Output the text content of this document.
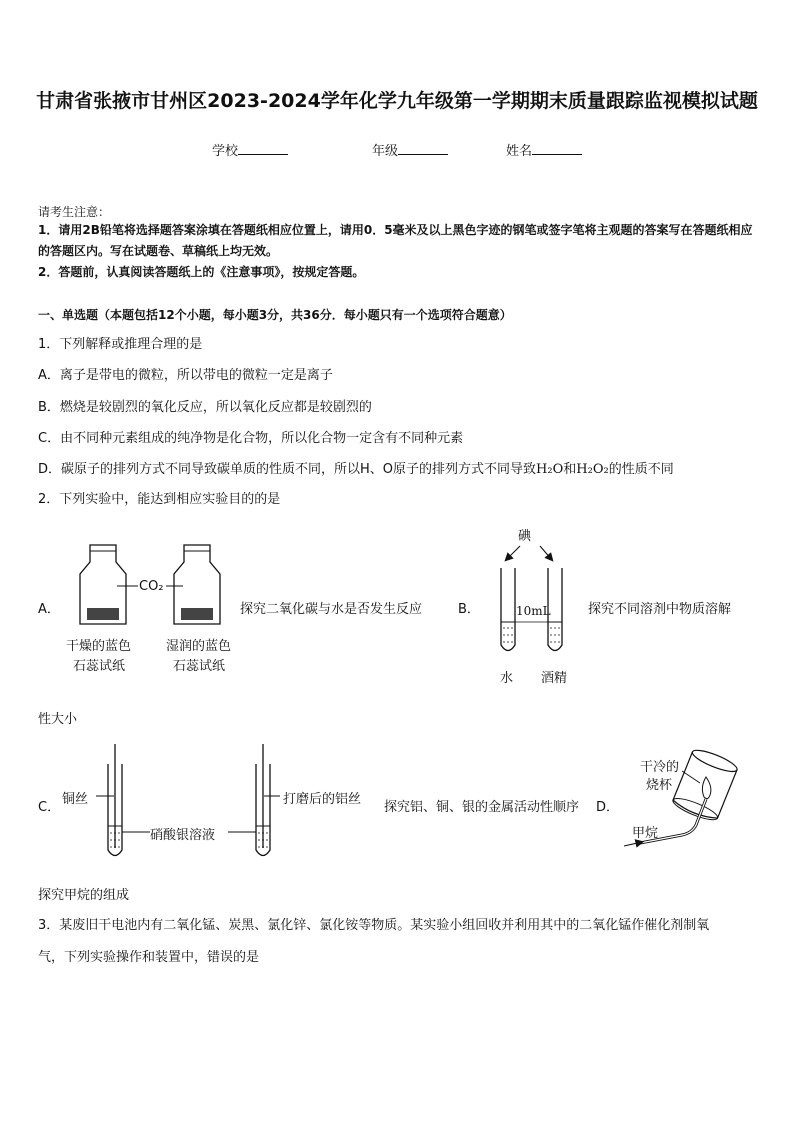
甘肃省张掖市甘州区2023-2024学年化学九年级第一学期期末质量跟踪监视模拟试题
学校	年级	姓名
请考生注意：
1．请用2B铅笔将选择题答案涂填在答题纸相应位置上，请用0．5毫米及以上黑色字迹的钢笔或签字笔将主观题的答案写在答题纸相应的答题区内。写在试题卷、草稿纸上均无效。
2．答题前，认真阅读答题纸上的《注意事项》，按规定答题。
一、单选题（本题包括12个小题，每小题3分，共36分．每小题只有一个选项符合题意）
1．下列解释或推理合理的是
A．离子是带电的微粒，所以带电的微粒一定是离子
B．燃烧是较剧烈的氧化反应，所以氧化反应都是较剧烈的
C．由不同种元素组成的纯净物是化合物，所以化合物一定含有不同种元素
D．碳原子的排列方式不同导致碳单质的性质不同，所以H、O原子的排列方式不同导致H₂O和H₂O₂的性质不同
2．下列实验中，能达到相应实验目的的是
A．
CO₂
干燥的蓝色
石蕊试纸
湿润的蓝色
石蕊试纸
探究二氧化碳与水是否发生反应	B．
碘
10mL
水 酒精
探究不同溶剂中物质溶解
性大小
C．
铜丝	打磨后的铝丝
硝酸银溶液
探究铝、铜、银的金属活动性顺序 D．
干冷的
烧杯
甲烷
探究甲烷的组成
3．某废旧干电池内有二氧化锰、炭黑、氯化锌、氯化铵等物质。某实验小组回收并利用其中的二氧化锰作催化剂制氧
气，下列实验操作和装置中，错误的是
